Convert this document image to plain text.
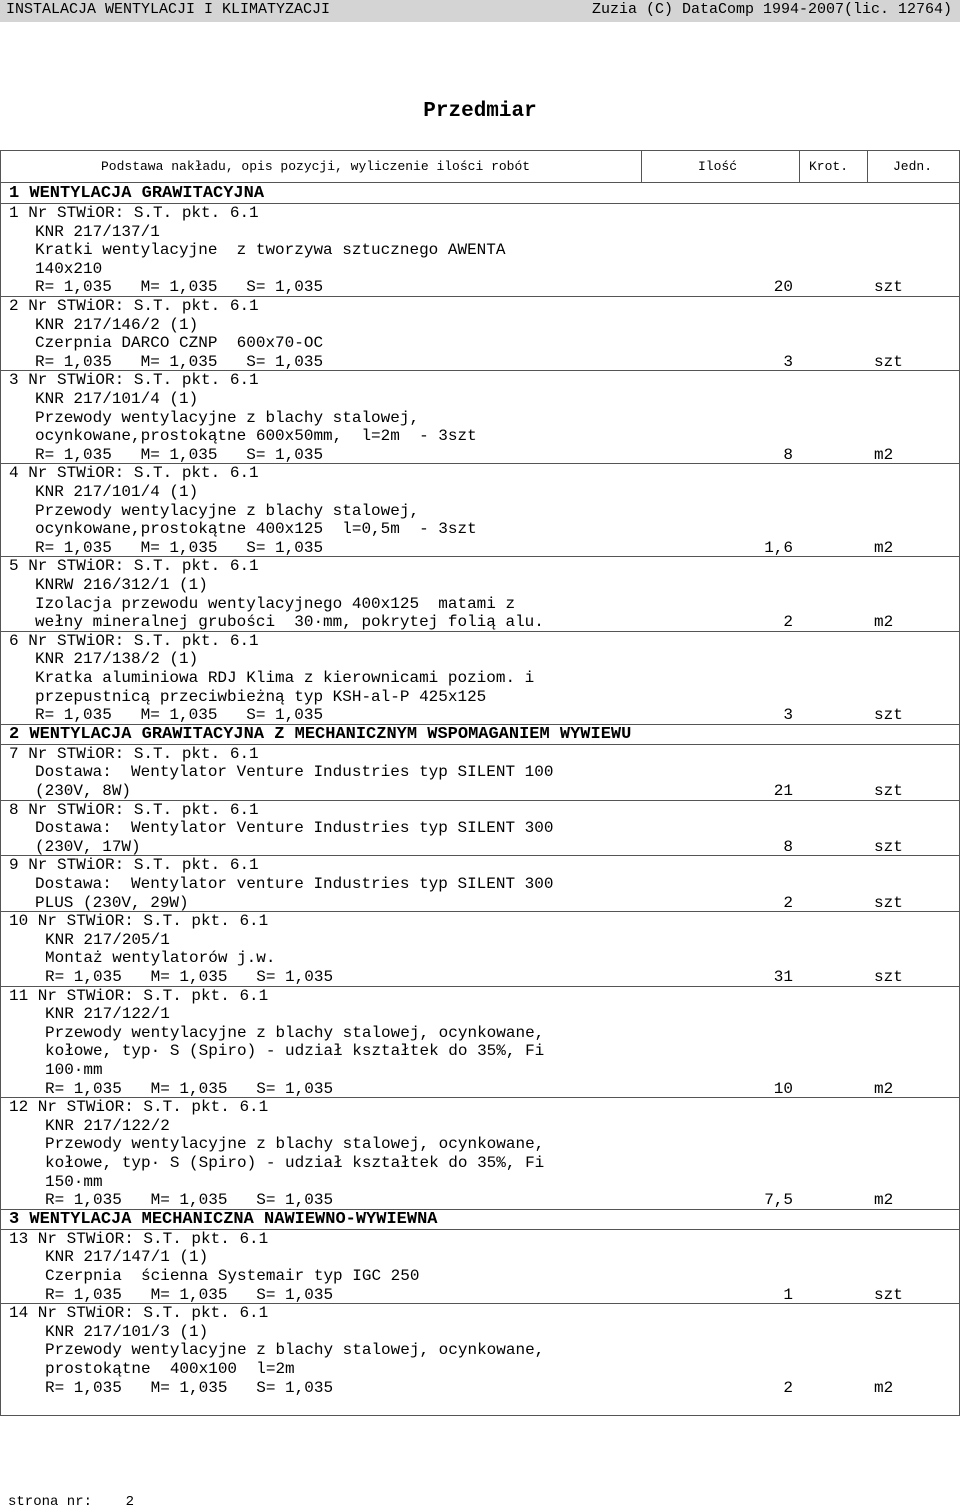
INSTALACJA WENTYLACJI I KLIMATYZACJI	Zuzia (C) DataComp 1994-2007(lic. 12764)
Przedmiar
Podstawa nakładu, opis pozycji, wyliczenie ilości robót	Ilość	Krot.	Jedn.
1 WENTYLACJA GRAWITACYJNA
1 Nr STWiOR: S.T. pkt. 6.1
KNR 217/137/1
Kratki wentylacyjne  z tworzywa sztucznego AWENTA
140x210
R= 1,035   M= 1,035   S= 1,035	20	szt
2 Nr STWiOR: S.T. pkt. 6.1
KNR 217/146/2 (1)
Czerpnia DARCO CZNP  600x70-OC
R= 1,035   M= 1,035   S= 1,035	3	szt
3 Nr STWiOR: S.T. pkt. 6.1
KNR 217/101/4 (1)
Przewody wentylacyjne z blachy stalowej,
ocynkowane,prostokątne 600x50mm,  l=2m  - 3szt
R= 1,035   M= 1,035   S= 1,035	8	m2
4 Nr STWiOR: S.T. pkt. 6.1
KNR 217/101/4 (1)
Przewody wentylacyjne z blachy stalowej,
ocynkowane,prostokątne 400x125  l=0,5m  - 3szt
R= 1,035   M= 1,035   S= 1,035	1,6	m2
5 Nr STWiOR: S.T. pkt. 6.1
KNRW 216/312/1 (1)
Izolacja przewodu wentylacyjnego 400x125  matami z
wełny mineralnej grubości  30·mm, pokrytej folią alu.	2	m2
6 Nr STWiOR: S.T. pkt. 6.1
KNR 217/138/2 (1)
Kratka aluminiowa RDJ Klima z kierownicami poziom. i
przepustnicą przeciwbieżną typ KSH-al-P 425x125
R= 1,035   M= 1,035   S= 1,035	3	szt
2 WENTYLACJA GRAWITACYJNA Z MECHANICZNYM WSPOMAGANIEM WYWIEWU
7 Nr STWiOR: S.T. pkt. 6.1
Dostawa:  Wentylator Venture Industries typ SILENT 100
(230V, 8W)	21	szt
8 Nr STWiOR: S.T. pkt. 6.1
Dostawa:  Wentylator Venture Industries typ SILENT 300
(230V, 17W)	8	szt
9 Nr STWiOR: S.T. pkt. 6.1
Dostawa:  Wentylator venture Industries typ SILENT 300
PLUS (230V, 29W)	2	szt
10 Nr STWiOR: S.T. pkt. 6.1
KNR 217/205/1
Montaż wentylatorów j.w.
R= 1,035   M= 1,035   S= 1,035	31	szt
11 Nr STWiOR: S.T. pkt. 6.1
KNR 217/122/1
Przewody wentylacyjne z blachy stalowej, ocynkowane,
kołowe, typ· S (Spiro) - udział kształtek do 35%, Fi
100·mm
R= 1,035   M= 1,035   S= 1,035	10	m2
12 Nr STWiOR: S.T. pkt. 6.1
KNR 217/122/2
Przewody wentylacyjne z blachy stalowej, ocynkowane,
kołowe, typ· S (Spiro) - udział kształtek do 35%, Fi
150·mm
R= 1,035   M= 1,035   S= 1,035	7,5	m2
3 WENTYLACJA MECHANICZNA NAWIEWNO-WYWIEWNA
13 Nr STWiOR: S.T. pkt. 6.1
KNR 217/147/1 (1)
Czerpnia  ścienna Systemair typ IGC 250
R= 1,035   M= 1,035   S= 1,035	1	szt
14 Nr STWiOR: S.T. pkt. 6.1
KNR 217/101/3 (1)
Przewody wentylacyjne z blachy stalowej, ocynkowane,
prostokątne  400x100  l=2m
R= 1,035   M= 1,035   S= 1,035	2	m2
strona nr:    2
